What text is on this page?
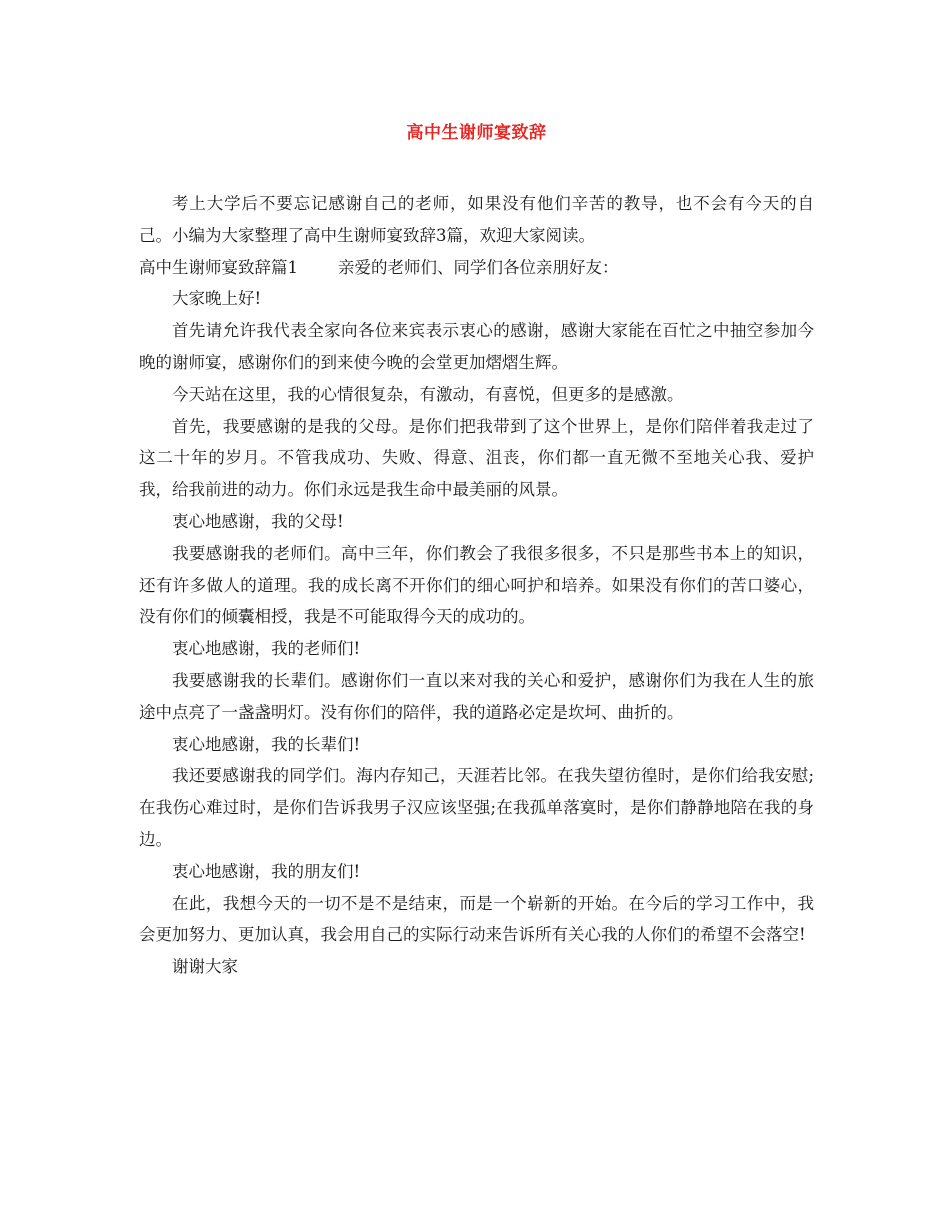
高中生谢师宴致辞

考上大学后不要忘记感谢自己的老师，如果没有他们辛苦的教导，也不会有今天的自己。小编为大家整理了高中生谢师宴致辞3篇，欢迎大家阅读。

高中生谢师宴致辞篇1 亲爱的老师们、同学们各位亲朋好友：

大家晚上好!

首先请允许我代表全家向各位来宾表示衷心的感谢，感谢大家能在百忙之中抽空参加今晚的谢师宴，感谢你们的到来使今晚的会堂更加熠熠生辉。

今天站在这里，我的心情很复杂，有激动，有喜悦，但更多的是感激。

首先，我要感谢的是我的父母。是你们把我带到了这个世界上，是你们陪伴着我走过了这二十年的岁月。不管我成功、失败、得意、沮丧，你们都一直无微不至地关心我、爱护我，给我前进的动力。你们永远是我生命中最美丽的风景。

衷心地感谢，我的父母!

我要感谢我的老师们。高中三年，你们教会了我很多很多，不只是那些书本上的知识，还有许多做人的道理。我的成长离不开你们的细心呵护和培养。如果没有你们的苦口婆心，没有你们的倾囊相授，我是不可能取得今天的成功的。

衷心地感谢，我的老师们!

我要感谢我的长辈们。感谢你们一直以来对我的关心和爱护，感谢你们为我在人生的旅途中点亮了一盏盏明灯。没有你们的陪伴，我的道路必定是坎坷、曲折的。

衷心地感谢，我的长辈们!

我还要感谢我的同学们。海内存知己，天涯若比邻。在我失望彷徨时，是你们给我安慰;在我伤心难过时，是你们告诉我男子汉应该坚强;在我孤单落寞时，是你们静静地陪在我的身边。

衷心地感谢，我的朋友们!

在此，我想今天的一切不是不是结束，而是一个崭新的开始。在今后的学习工作中，我会更加努力、更加认真，我会用自己的实际行动来告诉所有关心我的人你们的希望不会落空!

谢谢大家
